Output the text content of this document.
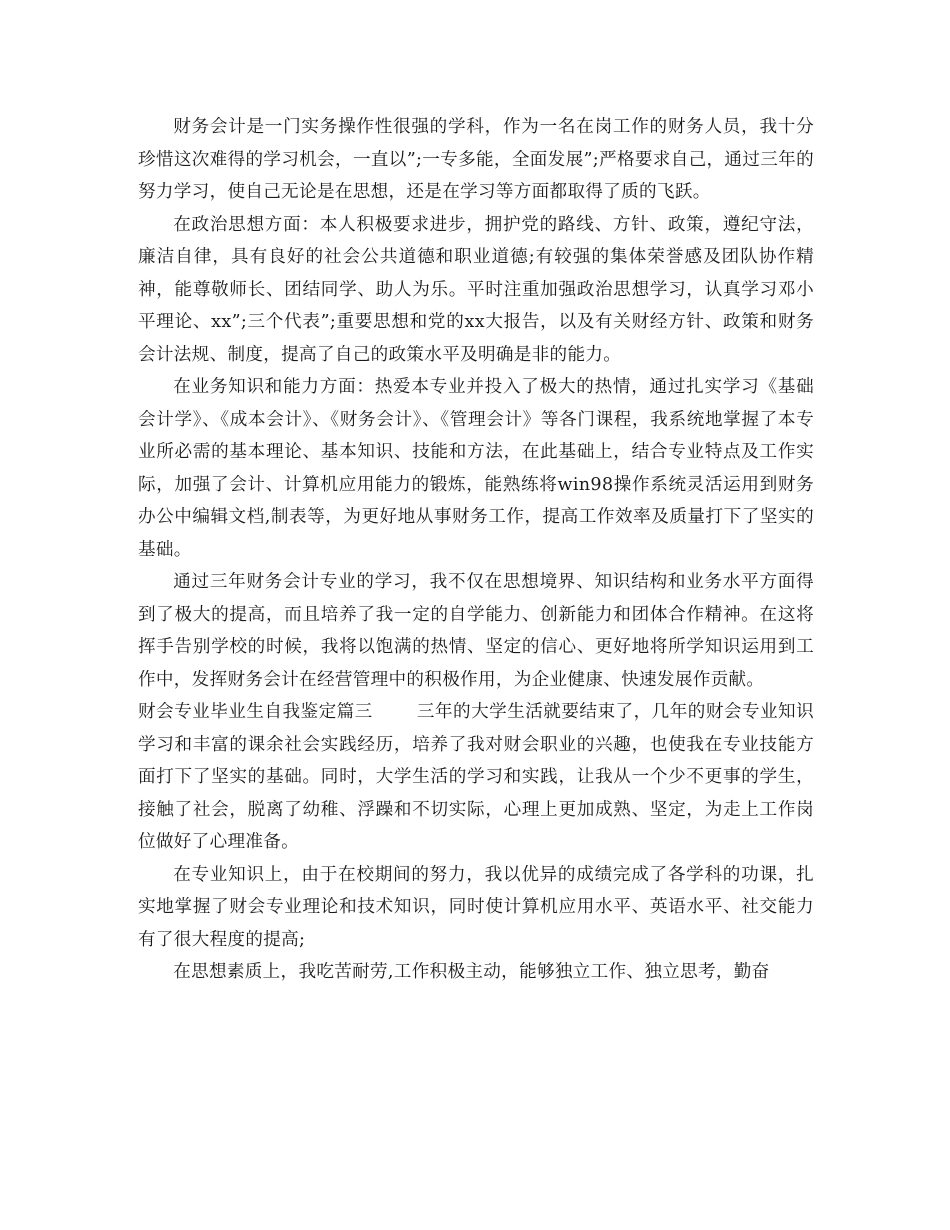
财务会计是一门实务操作性很强的学科，作为一名在岗工作的财务人员，我十分珍惜这次难得的学习机会，一直以”;一专多能，全面发展”;严格要求自己，通过三年的努力学习，使自己无论是在思想，还是在学习等方面都取得了质的飞跃。

在政治思想方面：本人积极要求进步，拥护党的路线、方针、政策，遵纪守法，廉洁自律，具有良好的社会公共道德和职业道德;有较强的集体荣誉感及团队协作精神，能尊敬师长、团结同学、助人为乐。平时注重加强政治思想学习，认真学习邓小平理论、xx”;三个代表”;重要思想和党的xx大报告，以及有关财经方针、政策和财务会计法规、制度，提高了自己的政策水平及明确是非的能力。

在业务知识和能力方面：热爱本专业并投入了极大的热情，通过扎实学习《基础会计学》、《成本会计》、《财务会计》、《管理会计》等各门课程，我系统地掌握了本专业所必需的基本理论、基本知识、技能和方法，在此基础上，结合专业特点及工作实际，加强了会计、计算机应用能力的锻炼，能熟练将win98操作系统灵活运用到财务办公中编辑文档,制表等，为更好地从事财务工作，提高工作效率及质量打下了坚实的基础。

通过三年财务会计专业的学习，我不仅在思想境界、知识结构和业务水平方面得到了极大的提高，而且培养了我一定的自学能力、创新能力和团体合作精神。在这将挥手告别学校的时候，我将以饱满的热情、坚定的信心、更好地将所学知识运用到工作中，发挥财务会计在经营管理中的积极作用，为企业健康、快速发展作贡献。

财会专业毕业生自我鉴定篇三	三年的大学生活就要结束了，几年的财会专业知识学习和丰富的课余社会实践经历，培养了我对财会职业的兴趣，也使我在专业技能方面打下了坚实的基础。同时，大学生活的学习和实践，让我从一个少不更事的学生，接触了社会，脱离了幼稚、浮躁和不切实际，心理上更加成熟、坚定，为走上工作岗位做好了心理准备。

在专业知识上，由于在校期间的努力，我以优异的成绩完成了各学科的功课，扎实地掌握了财会专业理论和技术知识，同时使计算机应用水平、英语水平、社交能力有了很大程度的提高;

在思想素质上，我吃苦耐劳,工作积极主动，能够独立工作、独立思考，勤奋
